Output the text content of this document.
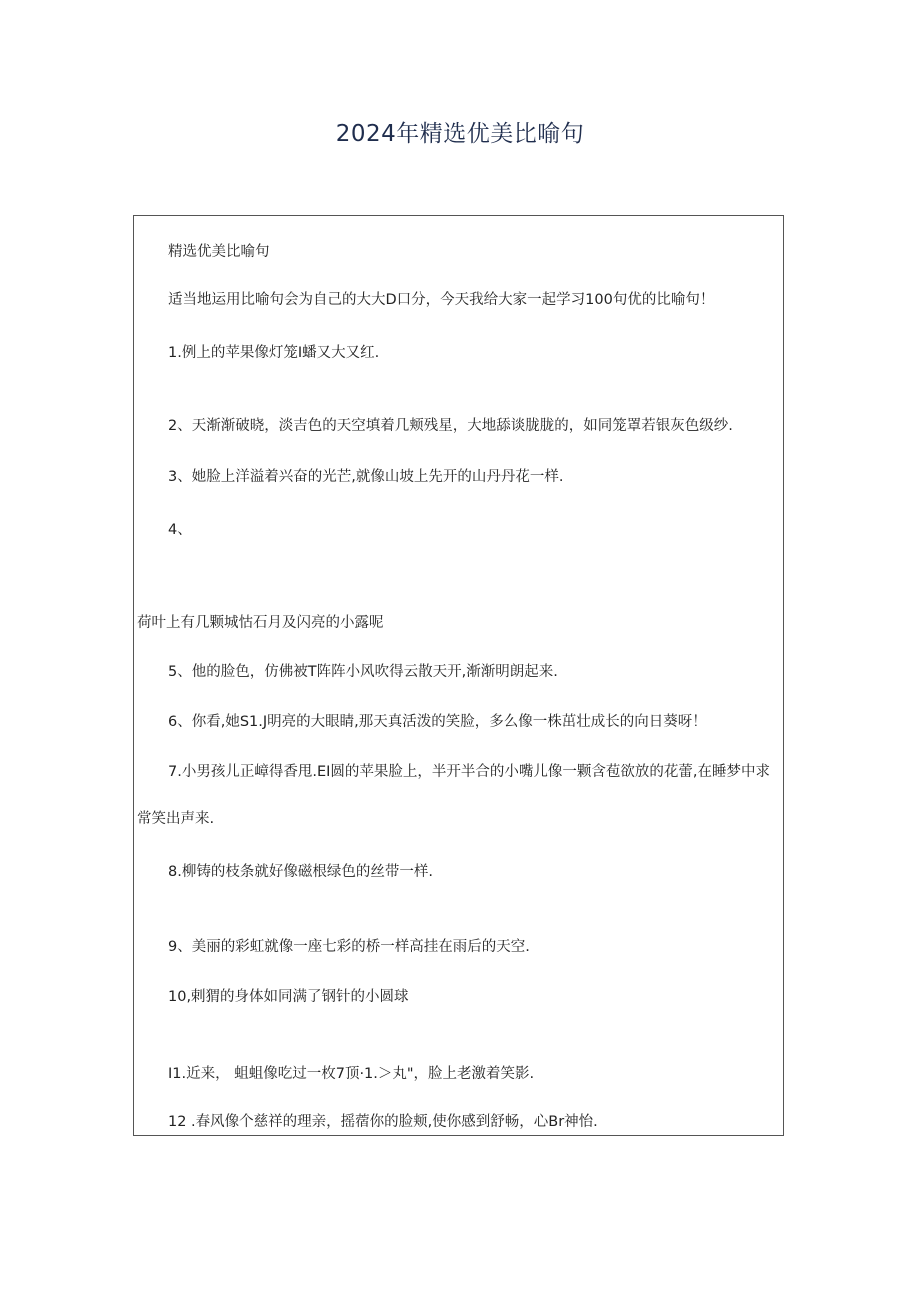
2024年精选优美比喻句
精选优美比喻句
适当地运用比喻句会为自己的大大D口分，今天我给大家一起学习100句优的比喻句！
1.例上的苹果像灯笼I蟠又大又红.
2、天渐渐破晓，淡吉色的天空填着几颊残星，大地舔谈胧胧的，如同笼罩若银灰色级纱.
3、她脸上洋溢着兴奋的光芒,就像山坡上先开的山丹丹花一样.
4、
荷叶上有几颗城怙石月及闪亮的小露呢
5、他的脸色，仿佛被T阵阵小风吹得云散天开,渐渐明朗起来.
6、你看,她S1.J明亮的大眼睛,那天真活泼的笑脸，多么像一株茁壮成长的向日葵呀！
7.小男孩儿正嶂得香甩.EI圆的苹果脸上，半开半合的小嘴儿像一颗含苞欲放的花蕾,在睡梦中求
常笑出声来.
8.柳铸的枝条就好像磁根绿色的丝带一样.
9、美丽的彩虹就像一座七彩的桥一样高挂在雨后的天空.
10,剌猬的身体如同满了钢针的小圆球
I1.近来， 蛆蛆像吃过一枚7顶·1.＞丸"，脸上老激着笑影.
12 .春风像个慈祥的理亲，摇蓿你的脸颊,使你感到舒畅，心Br神怡.
